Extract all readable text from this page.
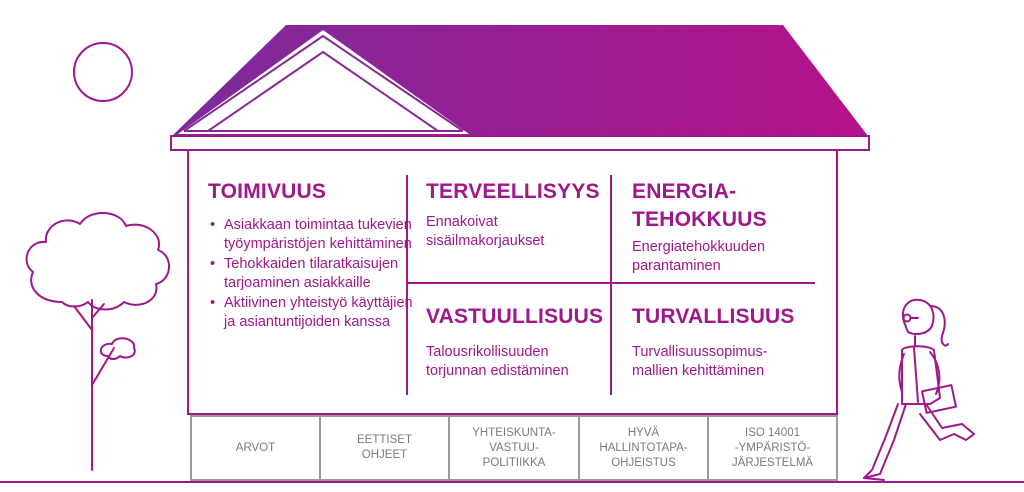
TOIMIVUUS
• Asiakkaan toimintaa tukevien työympäristöjen kehittäminen
• Tehokkaiden tilaratkaisujen tarjoaminen asiakkaille
• Aktiivinen yhteistyö käyttäjien ja asiantuntijoiden kanssa
TERVEELLISYYS
Ennakoivat sisäilmakorjaukset
ENERGIA-
TEHOKKUUS
Energiatehokkuuden parantaminen
VASTUULLISUUS
Talousrikollisuuden torjunnan edistäminen
TURVALLISUUS
Turvallisuussopimus-mallien kehittäminen
ARVOT
EETTISET
OHJEET
YHTEISKUNTA-
VASTUU-
POLITIIKKA
HYVÄ
HALLINTOTAPA-
OHJEISTUS
ISO 14001
-YMPÄRISTÖ-
JÄRJESTELMÄ
